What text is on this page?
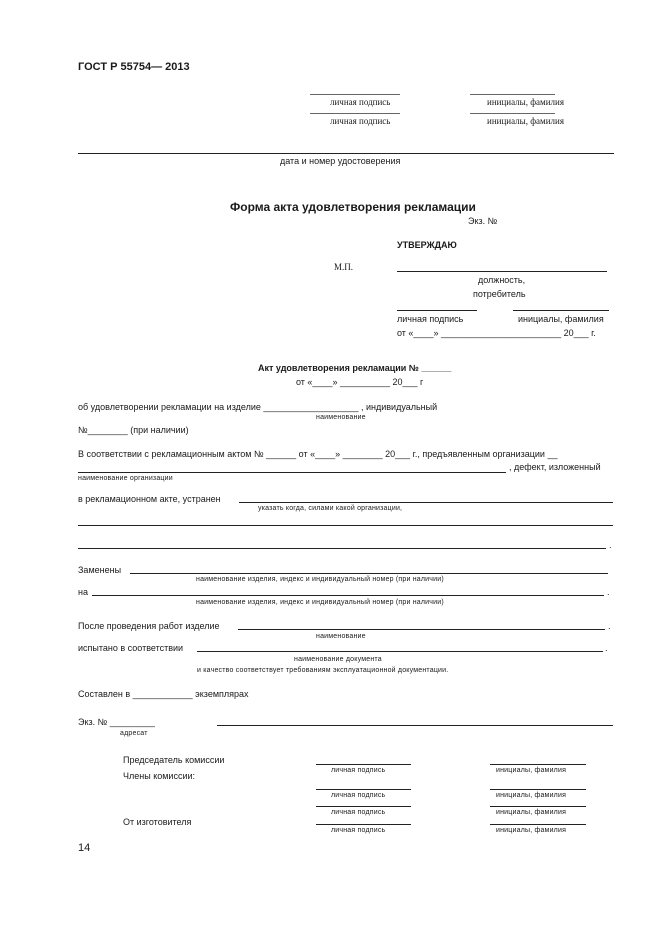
ГОСТ Р 55754— 2013
личная подпись	инициалы, фамилия
личная подпись	инициалы, фамилия
дата и номер удостоверения
Форма акта удовлетворения рекламации
Экз. №
УТВЕРЖДАЮ
М.П.
должность,
потребитель
личная подпись	инициалы, фамилия
от «____» ________________________ 20___ г.
Акт удовлетворения рекламации № ______
от «____» __________ 20___ г
об удовлетворении рекламации на изделие ___________________ , индивидуальный
наименование
№________ (при наличии)
В соответствии с рекламационным актом № ______ от «____» ________ 20___ г., предъявленным организации __
, дефект, изложенный
наименование организации
в рекламационном акте, устранен
указать когда, силами какой организации,
.
Заменены
наименование изделия, индекс и индивидуальный номер (при наличии)
на	.
наименование изделия, индекс и индивидуальный номер (при наличии)
После проведения работ изделие	.
наименование
испытано в соответствии	.
наименование документа
и качество соответствует требованиям эксплуатационной документации.
Составлен в ____________ экземплярах
Экз. № _________
адресат
Председатель комиссии
личная подпись	инициалы, фамилия
Члены комиссии:
личная подпись	инициалы, фамилия
личная подпись	инициалы, фамилия
От изготовителя
личная подпись	инициалы, фамилия
14
